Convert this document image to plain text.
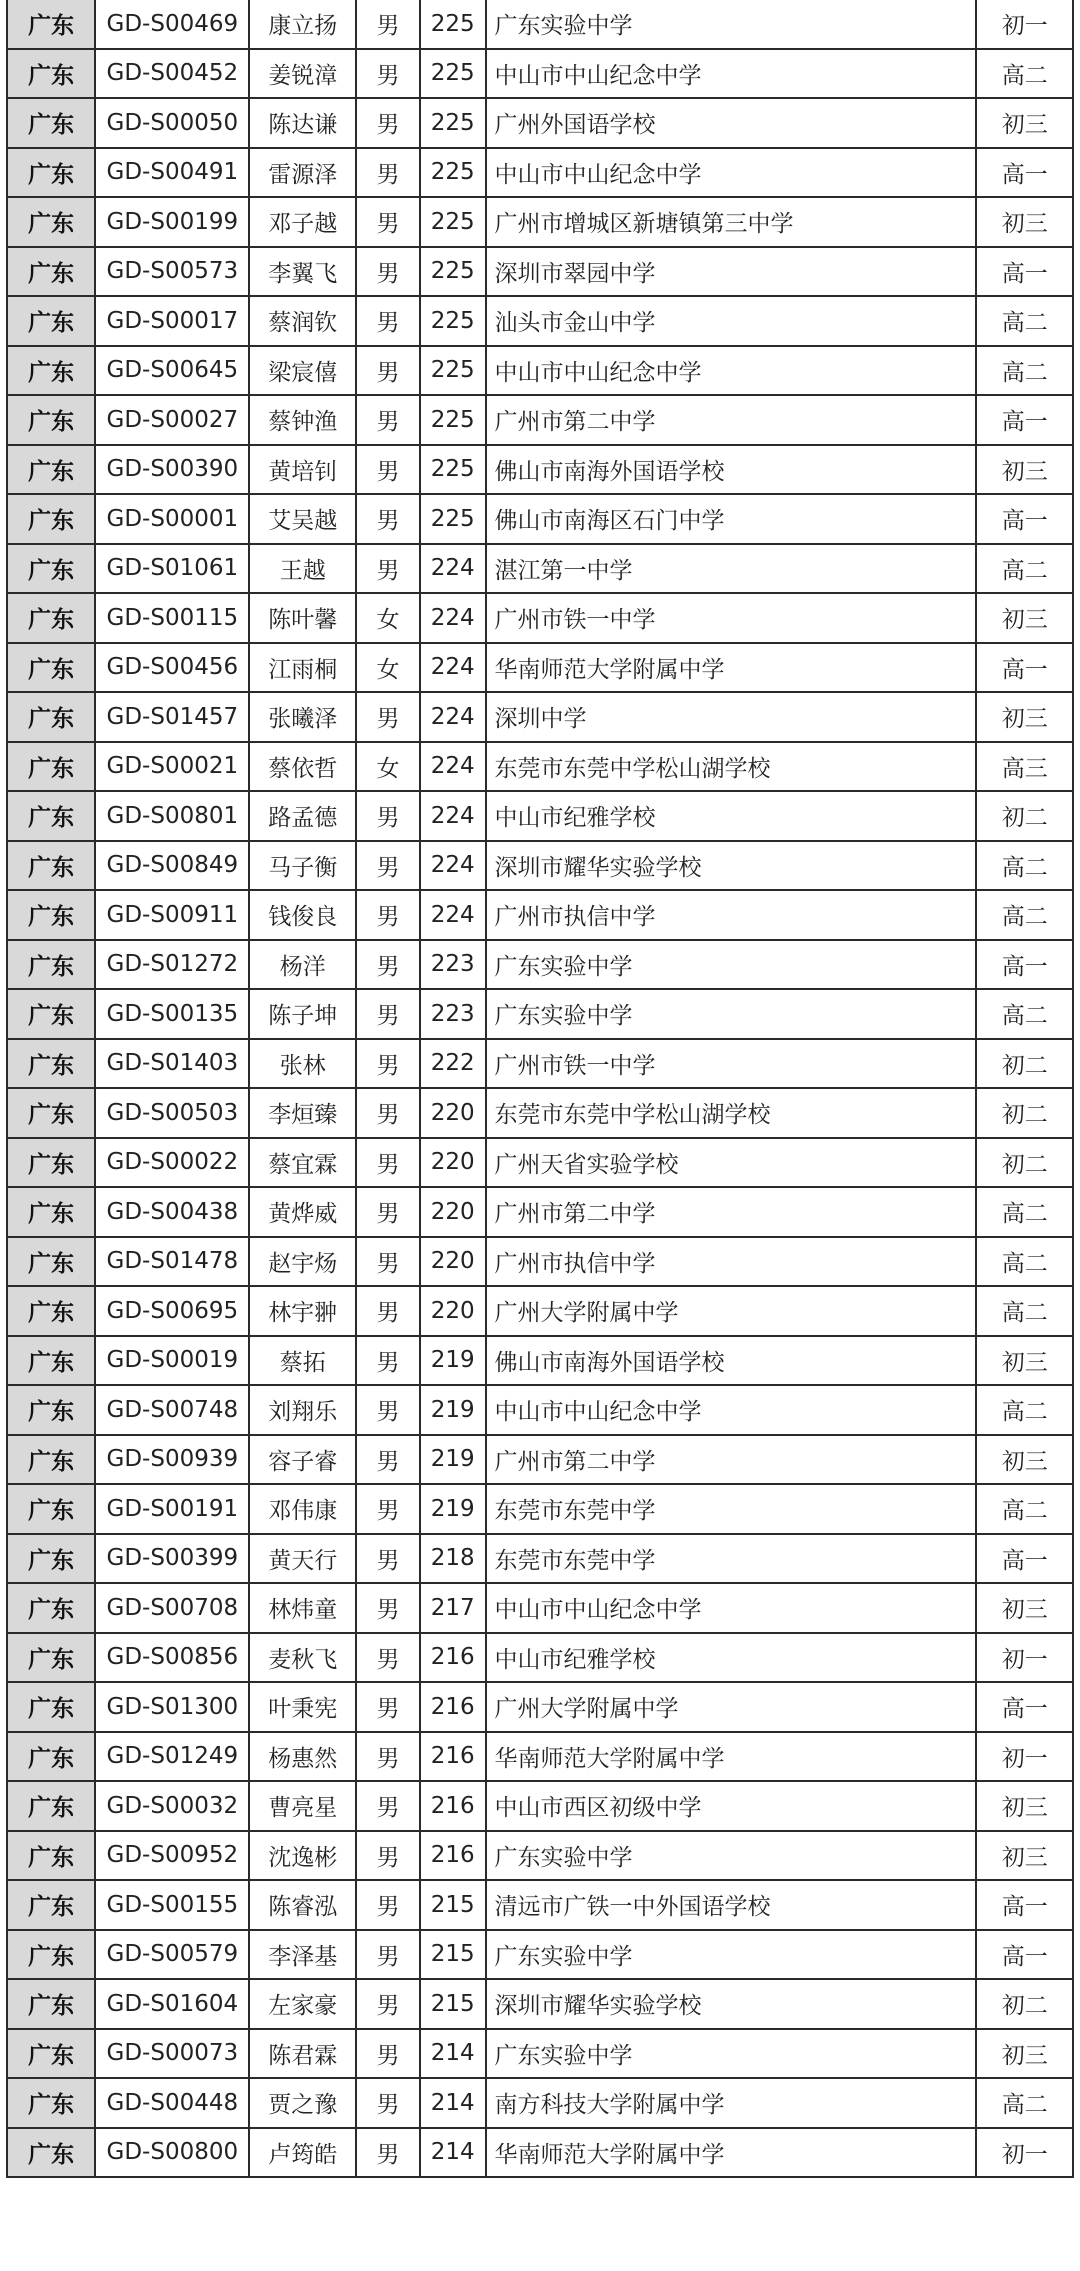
广东	GD-S00469	康立扬	男	225	广东实验中学	初一
广东	GD-S00452	姜锐漳	男	225	中山市中山纪念中学	高二
广东	GD-S00050	陈达谦	男	225	广州外国语学校	初三
广东	GD-S00491	雷源泽	男	225	中山市中山纪念中学	高一
广东	GD-S00199	邓子越	男	225	广州市增城区新塘镇第三中学	初三
广东	GD-S00573	李翼飞	男	225	深圳市翠园中学	高一
广东	GD-S00017	蔡润钦	男	225	汕头市金山中学	高二
广东	GD-S00645	梁宸僖	男	225	中山市中山纪念中学	高二
广东	GD-S00027	蔡钟渔	男	225	广州市第二中学	高一
广东	GD-S00390	黄培钊	男	225	佛山市南海外国语学校	初三
广东	GD-S00001	艾吴越	男	225	佛山市南海区石门中学	高一
广东	GD-S01061	王越	男	224	湛江第一中学	高二
广东	GD-S00115	陈叶馨	女	224	广州市铁一中学	初三
广东	GD-S00456	江雨桐	女	224	华南师范大学附属中学	高一
广东	GD-S01457	张曦泽	男	224	深圳中学	初三
广东	GD-S00021	蔡依哲	女	224	东莞市东莞中学松山湖学校	高三
广东	GD-S00801	路孟德	男	224	中山市纪雅学校	初二
广东	GD-S00849	马子衡	男	224	深圳市耀华实验学校	高二
广东	GD-S00911	钱俊良	男	224	广州市执信中学	高二
广东	GD-S01272	杨洋	男	223	广东实验中学	高一
广东	GD-S00135	陈子坤	男	223	广东实验中学	高二
广东	GD-S01403	张林	男	222	广州市铁一中学	初二
广东	GD-S00503	李烜臻	男	220	东莞市东莞中学松山湖学校	初二
广东	GD-S00022	蔡宜霖	男	220	广州天省实验学校	初二
广东	GD-S00438	黄烨威	男	220	广州市第二中学	高二
广东	GD-S01478	赵宇炀	男	220	广州市执信中学	高二
广东	GD-S00695	林宇翀	男	220	广州大学附属中学	高二
广东	GD-S00019	蔡拓	男	219	佛山市南海外国语学校	初三
广东	GD-S00748	刘翔乐	男	219	中山市中山纪念中学	高二
广东	GD-S00939	容子睿	男	219	广州市第二中学	初三
广东	GD-S00191	邓伟康	男	219	东莞市东莞中学	高二
广东	GD-S00399	黄天行	男	218	东莞市东莞中学	高一
广东	GD-S00708	林炜童	男	217	中山市中山纪念中学	初三
广东	GD-S00856	麦秋飞	男	216	中山市纪雅学校	初一
广东	GD-S01300	叶秉宪	男	216	广州大学附属中学	高一
广东	GD-S01249	杨惠然	男	216	华南师范大学附属中学	初一
广东	GD-S00032	曹亮星	男	216	中山市西区初级中学	初三
广东	GD-S00952	沈逸彬	男	216	广东实验中学	初三
广东	GD-S00155	陈睿泓	男	215	清远市广铁一中外国语学校	高一
广东	GD-S00579	李泽基	男	215	广东实验中学	高一
广东	GD-S01604	左家豪	男	215	深圳市耀华实验学校	初二
广东	GD-S00073	陈君霖	男	214	广东实验中学	初三
广东	GD-S00448	贾之豫	男	214	南方科技大学附属中学	高二
广东	GD-S00800	卢筠皓	男	214	华南师范大学附属中学	初一
